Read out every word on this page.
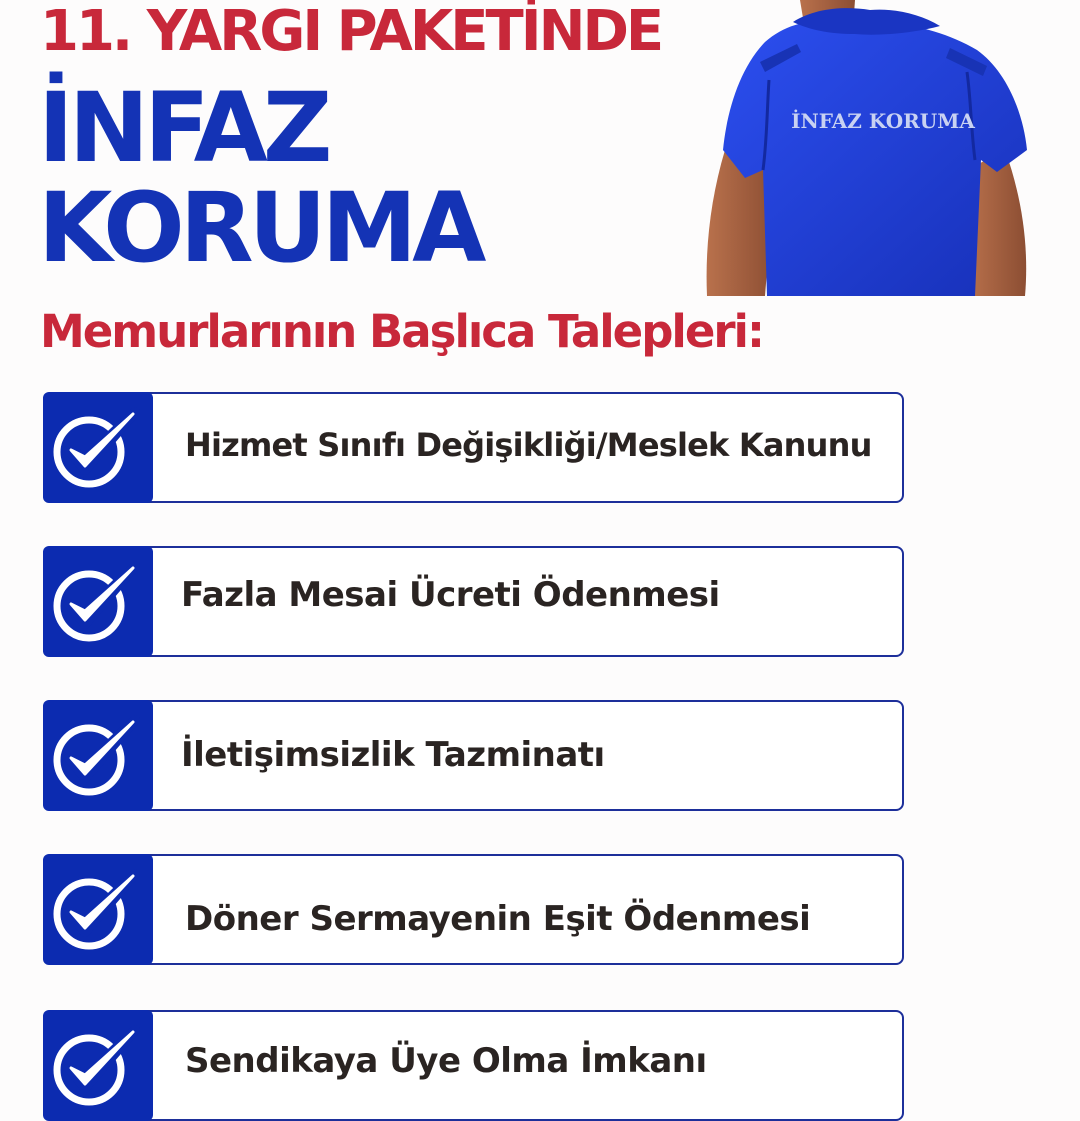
11. YARGI PAKETİNDE
İNFAZ
KORUMA
Memurlarının Başlıca Talepleri:
İNFAZ KORUMA
Hizmet Sınıfı Değişikliği/Meslek Kanunu
Fazla Mesai Ücreti Ödenmesi
İletişimsizlik Tazminatı
Döner Sermayenin Eşit Ödenmesi
Sendikaya Üye Olma İmkanı
